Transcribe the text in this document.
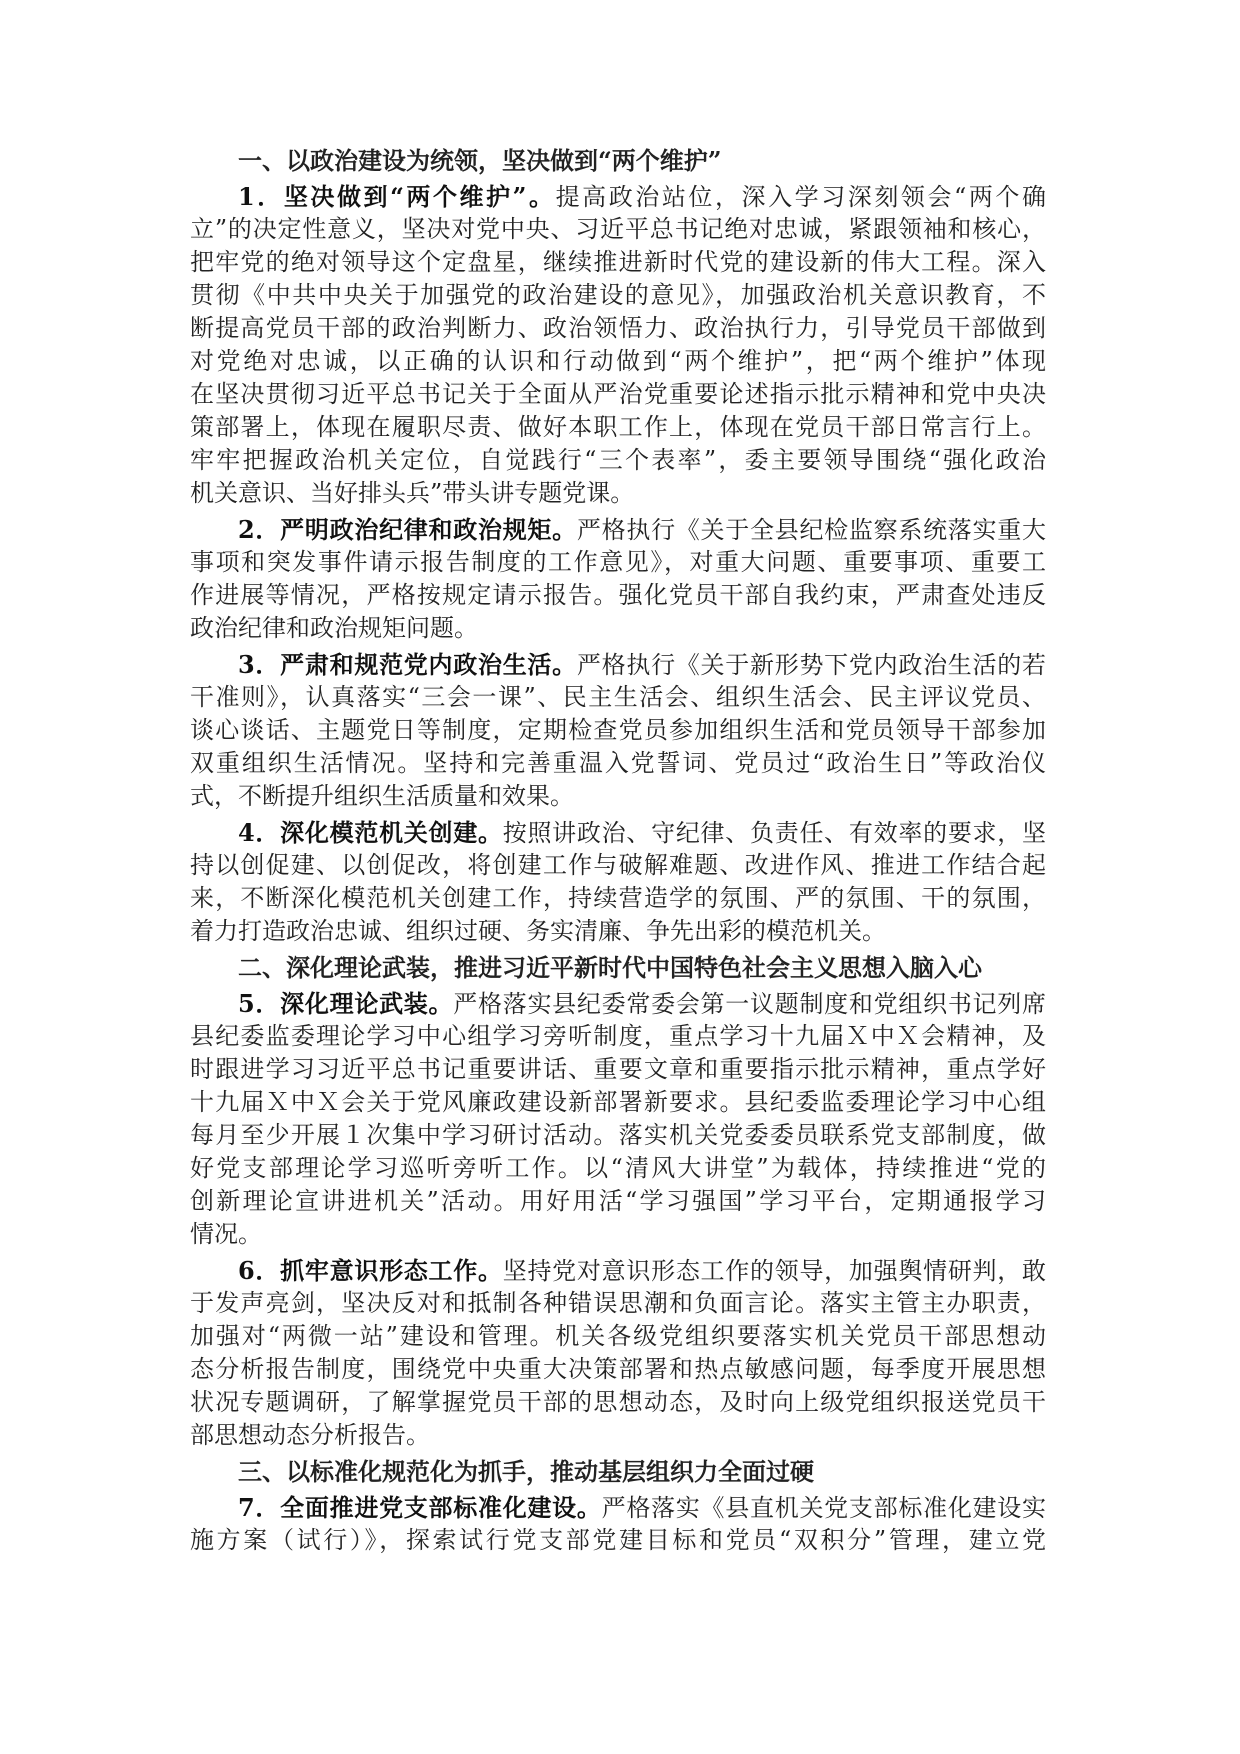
一、以政治建设为统领，坚决做到“两个维护”
1．坚决做到“两个维护”。提高政治站位，深入学习深刻领会“两个确
立”的决定性意义，坚决对党中央、习近平总书记绝对忠诚，紧跟领袖和核心，
把牢党的绝对领导这个定盘星，继续推进新时代党的建设新的伟大工程。深入
贯彻《中共中央关于加强党的政治建设的意见》，加强政治机关意识教育，不
断提高党员干部的政治判断力、政治领悟力、政治执行力，引导党员干部做到
对党绝对忠诚，以正确的认识和行动做到“两个维护”，把“两个维护”体现
在坚决贯彻习近平总书记关于全面从严治党重要论述指示批示精神和党中央决
策部署上，体现在履职尽责、做好本职工作上，体现在党员干部日常言行上。
牢牢把握政治机关定位，自觉践行“三个表率”，委主要领导围绕“强化政治
机关意识、当好排头兵”带头讲专题党课。
2．严明政治纪律和政治规矩。严格执行《关于全县纪检监察系统落实重大
事项和突发事件请示报告制度的工作意见》，对重大问题、重要事项、重要工
作进展等情况，严格按规定请示报告。强化党员干部自我约束，严肃查处违反
政治纪律和政治规矩问题。
3．严肃和规范党内政治生活。严格执行《关于新形势下党内政治生活的若
干准则》，认真落实“三会一课”、民主生活会、组织生活会、民主评议党员、
谈心谈话、主题党日等制度，定期检查党员参加组织生活和党员领导干部参加
双重组织生活情况。坚持和完善重温入党誓词、党员过“政治生日”等政治仪
式，不断提升组织生活质量和效果。
4．深化模范机关创建。按照讲政治、守纪律、负责任、有效率的要求，坚
持以创促建、以创促改，将创建工作与破解难题、改进作风、推进工作结合起
来，不断深化模范机关创建工作，持续营造学的氛围、严的氛围、干的氛围，
着力打造政治忠诚、组织过硬、务实清廉、争先出彩的模范机关。
二、深化理论武装，推进习近平新时代中国特色社会主义思想入脑入心
5．深化理论武装。严格落实县纪委常委会第一议题制度和党组织书记列席
县纪委监委理论学习中心组学习旁听制度，重点学习十九届Ｘ中Ｘ会精神，及
时跟进学习习近平总书记重要讲话、重要文章和重要指示批示精神，重点学好
十九届Ｘ中Ｘ会关于党风廉政建设新部署新要求。县纪委监委理论学习中心组
每月至少开展１次集中学习研讨活动。落实机关党委委员联系党支部制度，做
好党支部理论学习巡听旁听工作。以“清风大讲堂”为载体，持续推进“党的
创新理论宣讲进机关”活动。用好用活“学习强国”学习平台，定期通报学习
情况。
6．抓牢意识形态工作。坚持党对意识形态工作的领导，加强舆情研判，敢
于发声亮剑，坚决反对和抵制各种错误思潮和负面言论。落实主管主办职责，
加强对“两微一站”建设和管理。机关各级党组织要落实机关党员干部思想动
态分析报告制度，围绕党中央重大决策部署和热点敏感问题，每季度开展思想
状况专题调研，了解掌握党员干部的思想动态，及时向上级党组织报送党员干
部思想动态分析报告。
三、以标准化规范化为抓手，推动基层组织力全面过硬
7．全面推进党支部标准化建设。严格落实《县直机关党支部标准化建设实
施方案（试行）》，探索试行党支部党建目标和党员“双积分”管理，建立党
